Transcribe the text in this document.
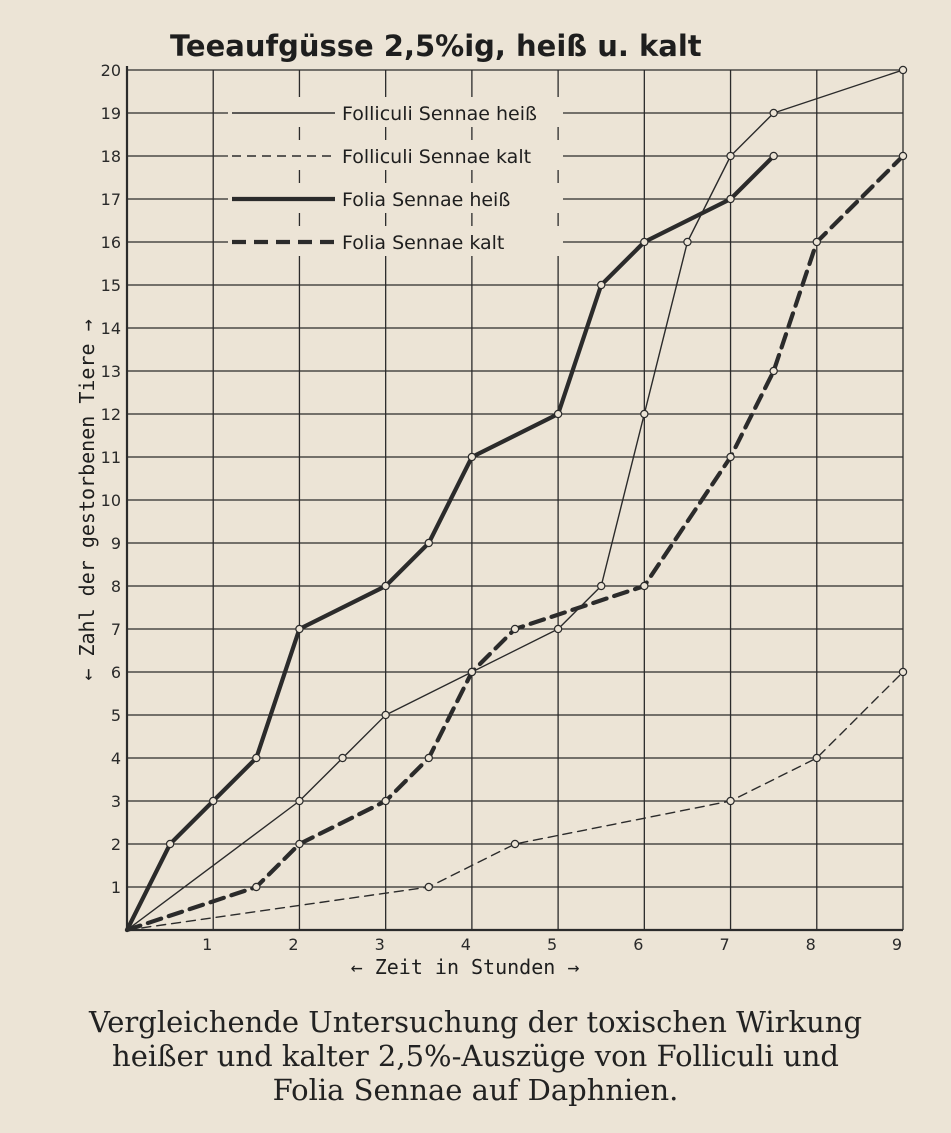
Teeaufgüsse 2,5%ig, heiß u. kalt
1
2
3
4
5
6
7
8
9
10
11
12
13
14
15
16
17
18
19
20
1	2	3	4	5	6	7	8	9
Folliculi Sennae heiß
Folliculi Sennae kalt
Folia Sennae heiß
Folia Sennae kalt
← Zeit in Stunden →
← Zahl der gestorbenen Tiere →
Vergleichende Untersuchung der toxischen Wirkung
heißer und kalter 2,5%-Auszüge von Folliculi und
Folia Sennae auf Daphnien.
